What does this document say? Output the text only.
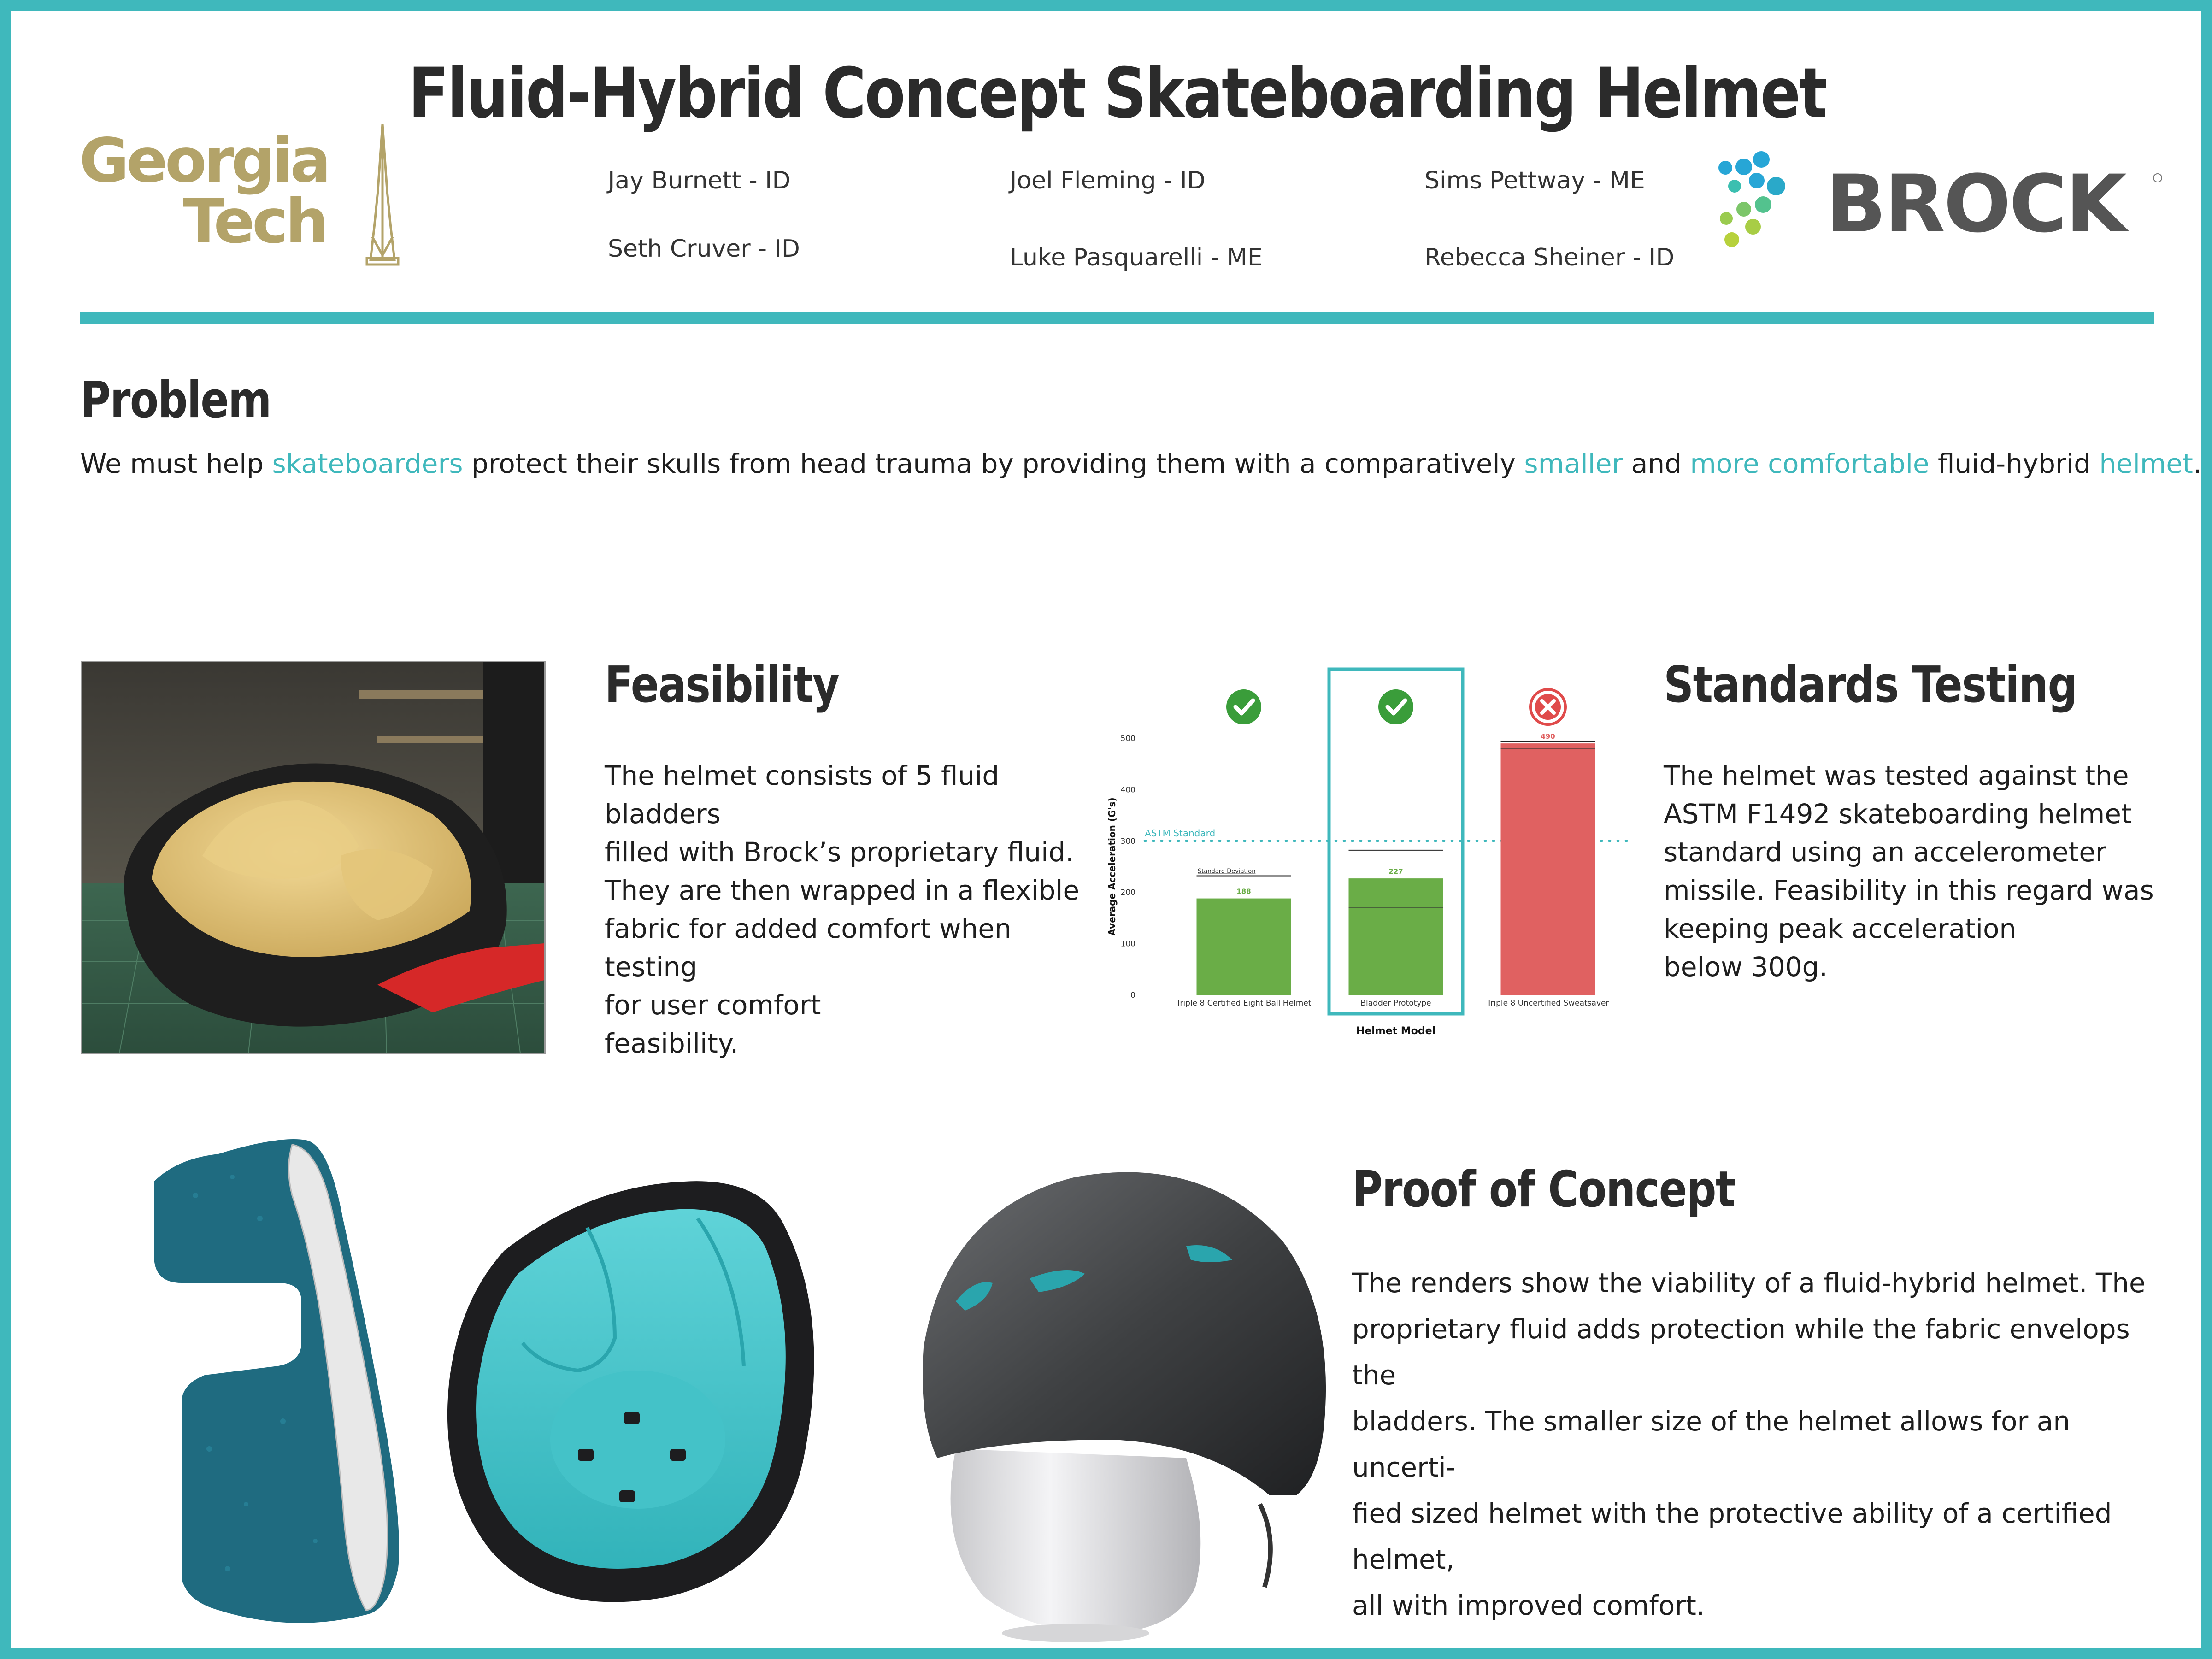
Fluid-Hybrid Concept Skateboarding Helmet
Georgia
Tech	BROCK
Jay Burnett - ID
Seth Cruver - ID
Joel Fleming - ID
Luke Pasquarelli - ME
Sims Pettway - ME
Rebecca Sheiner - ID
Problem
We must help skateboarders protect their skulls from head trauma by providing them with a comparatively smaller and more comfortable fluid-hybrid helmet.
Feasibility
The helmet consists of 5 fluid bladders
filled with Brock’s proprietary fluid.
They are then wrapped in a flexible
fabric for added comfort when testing
for user comfort
feasibility.
0
100
200
300
400
500
188
Triple 8 Certified Eight Ball Helmet
227
Bladder Prototype
490
Triple 8 Uncertified Sweatsaver
Average Acceleration (G's)
Helmet Model
ASTM Standard
Standard Deviation
Standards Testing
The helmet was tested against the
ASTM F1492 skateboarding helmet
standard using an accelerometer
missile. Feasibility in this regard was
keeping peak acceleration
below 300g.
Proof of Concept
The renders show the viability of a fluid-hybrid helmet. The
proprietary fluid adds protection while the fabric envelops the
bladders. The smaller size of the helmet allows for an uncerti-
fied sized helmet with the protective ability of a certified helmet,
all with improved comfort.
